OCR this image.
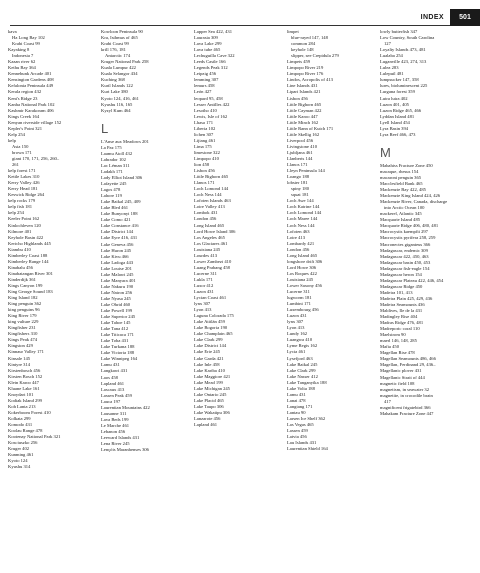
INDEX	501
kava
Ha Long Bay 102
Krabi Coast 99
Kayaking 8
Indonesia 7
Kazan river 62
Kethu Bay 364
Kennebunk Arcade 401
Kensington Gardens 408
Kefalonia Peninsula 449
Kerala region 432
Kent's Ridge 23
Kanha National Park 102
Kashmir Karakoram 406
Kings Creek 164
Kenyan riverside village 152
Kepler's Point 321
Kelp 254
kelp
Asia 150
brown 171
giant 170, 171, 256, 260–
261
kelp forest 171
Kettle Lakes 310
Kerry Valley 426
Kerry Head 181
Keswick Ridge 264
kelp rocks 179
kelp fish 181
kelp 254
Keeler Point 162
Kinlochleven 120
Kilmore 401
Keyhole Basin 422
Kericho Highlands 445
Kiambu 410
Kimberley Coast 188
Kimberley Range 144
Kinabalu 456
Kinabatangan River 301
Kinderdijk 361
Kings Canyon 199
King George Sound 183
King Island 182
King penguin 362
king penguins 96
King River 179
king vulture 229
Kingfisher 231
Kingfishers 310
Kings Peak 474
Kingston 429
Kinnaur Valley 171
Kinsale 145
Kintyre 314
Kirstenbosch 456
Kirsten Bosch 152
Klein Karoo 447
Kluane Lake 161
Knoydart 101
Kodiak Island 299
Koh Lanta 213
Kokerboom Forest 410
Kolkata 299
Komodo 431
Koolau Range 478
Kootenay National Park 321
Kosciuszko 256
Kruger 402
Kunming 461
Kyoto 124
Kyushu 314
Kowloon Peninsula 90
Kra, Isthmus of 465
Krabi Coast 99
krill 176, 181
Antarctic 174
Kruger National Park 258
Kuala Lumpur 422
Kuala Selangor 434
Kuching 368
Kuril Islands 122
Kurt Lake 380
Kyoto 124, 416, 461
Kyushu 116, 165
Kyzyl Kum 464

L
L'Anse aux Meadows 201
La Paz 175
Laamu Atoll 432
Labrador 102
Lac Léman 311
Ladakh 171
Lady Elliot Island 306
Lafayette 245
Lagos 478
Lahore 119
Lake Baikal 245, 409
Lake Bled 461
Lake Bunyonyi 188
Lake Como 421
Lake Constance 416
Lake District 144
Lake Eyre 416, 431
Lake Geneva 456
Lake Huron 245
Lake Kivu 466
Lake Ladoga 443
Lake Louise 201
Lake Malawi 245
Lake Manyara 401
Lake Nakuru 190
Lake Natron 256
Lake Nyasa 245
Lake Ohrid 460
Lake Powell 199
Lake Superior 245
Lake Tahoe 145
Lake Tana 412
Lake Titicaca 171
Lake Toba 431
Lake Turkana 188
Lake Victoria 188
Lake Winnipeg 164
Lamu 431
Langkawi 431
Laos 458
Lapland 461
Lascaux 413
Lassen Peak 459
Lauca 197
Laurentian Mountains 422
Lausanne 311
Lava Beds 199
Le Marche 461
Lebanon 456
Leeward Islands 431
Lena River 245
Lençóis Maranhenses 306
Lapper Sea 422, 431
Laurasia 309
Lava Lake 299
Lava tube 465
Lechuguilla Cave 322
Leeds Castle 166
Legends Peak 312
Leipzig 456
lemming 307
lemurs 458
León 427
leopard 95, 458
Lesser Antilles 422
Lesotho 410
Lewis, Isle of 162
Lhasa 171
Liberia 102
lichen 307
Lijiang 461
Lima 175
limestone 322
Limpopo 410
lion 458
Lisbon 456
Little Bighorn 465
Llanos 171
Loch Lomond 144
Loch Ness 144
Lofoten Islands 463
Loire Valley 413
Lombok 431
London 456
Long Island 465
Lord Howe Island 306
Los Angeles 465
Los Glaciares 461
Louisiana 245
Lourdes 413
Lower Zambezi 410
Luang Prabang 458
Lucerne 311
Lukla 171
Luxor 412
Luzon 431
Lycian Coast 461
lynx 307
Lyon 413
Laguna Colorada 175
Lake Atitlán 459
Lake Bogoria 190
Lake Champlain 465
Lake Clark 299
Lake District 144
Lake Erie 245
Lake Garda 421
Lake Inle 458
Lake Kariba 410
Lake Maggiore 421
Lake Mead 199
Lake Michigan 245
Lake Ontario 245
Lake Placid 465
Lake Taupo 306
Lake Wakatipu 306
Lanzarote 456
Lapland 461
limpet
blue-rayed 147, 148
common 284
keyhole 148
slipper, see Crepidula 279
Limpets 459
Limpopo River 219
Limpopo River 176
Lindos, Acropolis of 413
Line Islands 431
Lipari Islands 421
Lisbon 456
Little Bighorn 465
Little Cayman 422
Little Karoo 447
Little Minch 162
Little Rann of Kutch 171
Little Skellig 162
Liverpool 456
Livingstone 410
Ljubljana 461
Llanberis 144
Llanos 171
Lleyn Peninsula 144
Loango 188
lobster 181
spiny 180
squat 181
Loch Awe 144
Loch Katrine 144
Loch Lomond 144
Loch Maree 144
Loch Ness 144
Lofoten 463
Loire 413
Lombardy 421
London 456
Long Island 465
longshore drift 306
Lord Howe 306
Los Roques 422
Louisiana 245
Lower Saxony 456
Lucerne 311
lugworm 181
Lumbini 171
Luxembourg 456
Luzon 431
lynx 307
Lyon 413
Lundy 162
Luangwa 410
Lyme Regis 162
Lycia 461
Lysefjord 463
Lake Baikal 245
Lake Clark 299
Lake Nasser 412
Lake Tanganyika 188
Lake Volta 188
Lamu 431
Lanai 478
Langtang 171
Lantau 90
Larsen Ice Shelf 362
Las Vegas 465
Lassen 459
Latvia 456
Lau Islands 431
Laurentian Shield 164
lowly butterfish 347
Low Country, South Carolina
127
Loyalty Islands 473, 481
Lualaba 254
Luganville 423, 274, 313
Lulea 283
Lulepuil 481
lumpsucker 147, 358
lures, bioluminescent 225
Lurgana forest 359
Lutra lutra 402
Luzon 401, 405
Luzon Ridge 465, 466
Lyddan Island 481
Lyell Island 454
Lyra Basin 394
Lyra Reef 466, 473

M
Mabahiss Fracture Zone 450
macaque, rhesus 154
macaroni penguin 365
Macclesfield Bank 465
Mackenzie Bay 422, 485
Mackenzie King Island 424, 426
Mackenzie River, Canada, discharge
into Arctic Ocean 100
mackerel, Atlantic 345
Macquarie Island 485
Macquarie Ridge 406, 480, 481
Macrocystis kaempfii 297
Macrocystis pyrifera 258, 259
Macronectes giganteus 366
Madagascar, endemic 309
Madagascar 422, 450, 463
Madagascar basin 450, 453
Madagascar fish-eagle 154
Madagascar heron 154
Madagascar Plateau 422, 446, 454
Madagascar Ridge 450
Madeira 101, 413
Madeira Plain 425, 429, 436
Madeira Seamounts 436
Maldives, Ile de la 431
Madingley Rise 404
Madras Ridge 476, 481
Madreporic coral 110
Maelstrom 90
maerl 146, 148, 285
Mafia 450
Magellan Rise 478
Magellan Seamounts 486, 466
Magellan, Ferdinand 29, 436–
Magellanic plover 431
Magellanic Strait of 444
magnetic field 108
magnetism, in seawater 32
magnetite, in crocodile brain
417
magnificent frigatebird 366
Mahakam Fracture Zone 447
